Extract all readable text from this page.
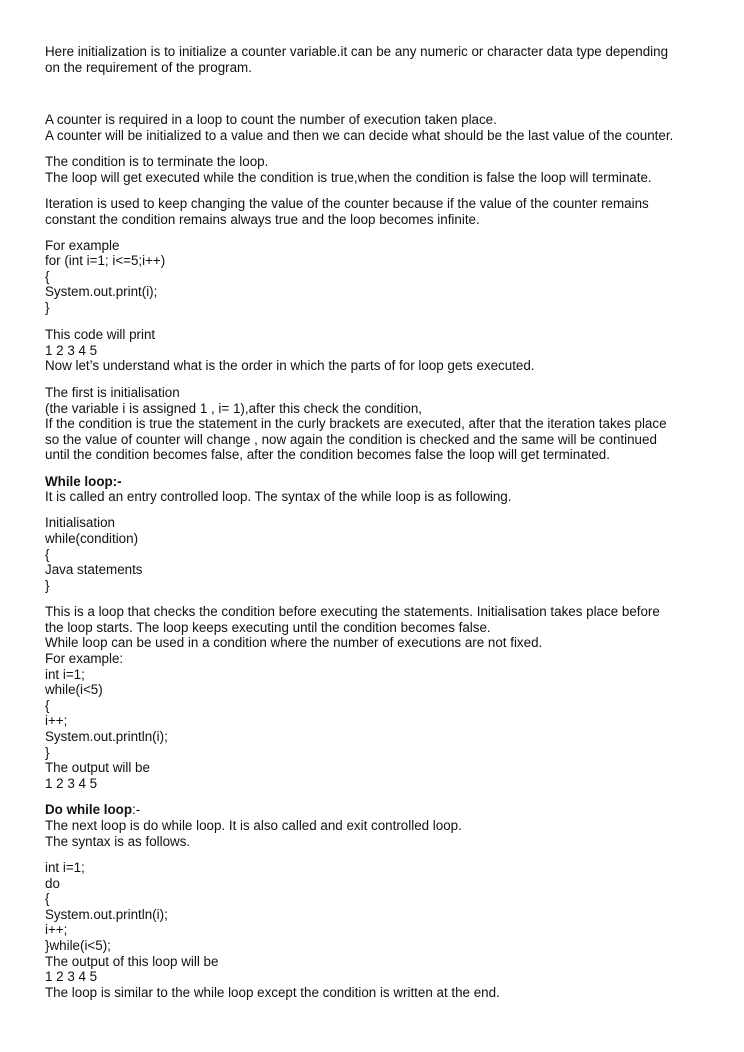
Here initialization is to initialize a counter variable.it can be any numeric or character data type depending
on the requirement of the program.
A counter is required in a loop to count the number of execution taken place.
A counter will be initialized to a value and then we can decide what should be the last value of the counter.
The condition is to terminate the loop.
The loop will get executed while the condition is true,when the condition is false the loop will terminate.
Iteration is used to keep changing the value of the counter because if the value of the counter remains
constant the condition remains always true and the loop becomes infinite.
For example
for (int i=1; i<=5;i++)
{
System.out.print(i);
}
This code will print
1 2 3 4 5
Now let’s understand what is the order in which the parts of for loop gets executed.
The first is initialisation
(the variable i is assigned 1 , i= 1),after this check the condition,
If the condition is true the statement in the curly brackets are executed, after that the iteration takes place
so the value of counter will change , now again the condition is checked and the same will be continued
until the condition becomes false, after the condition becomes false the loop will get terminated.
While loop:-
It is called an entry controlled loop. The syntax of the while loop is as following.
Initialisation
while(condition)
{
Java statements
}
This is a loop that checks the condition before executing the statements. Initialisation takes place before
the loop starts. The loop keeps executing until the condition becomes false.
While loop can be used in a condition where the number of executions are not fixed.
For example:
int i=1;
while(i<5)
{
i++;
System.out.println(i);
}
The output will be
1 2 3 4 5
Do while loop:-
The next loop is do while loop. It is also called and exit controlled loop.
The syntax is as follows.
int i=1;
do
{
System.out.println(i);
i++;
}while(i<5);
The output of this loop will be
1 2 3 4 5
The loop is similar to the while loop except the condition is written at the end.
